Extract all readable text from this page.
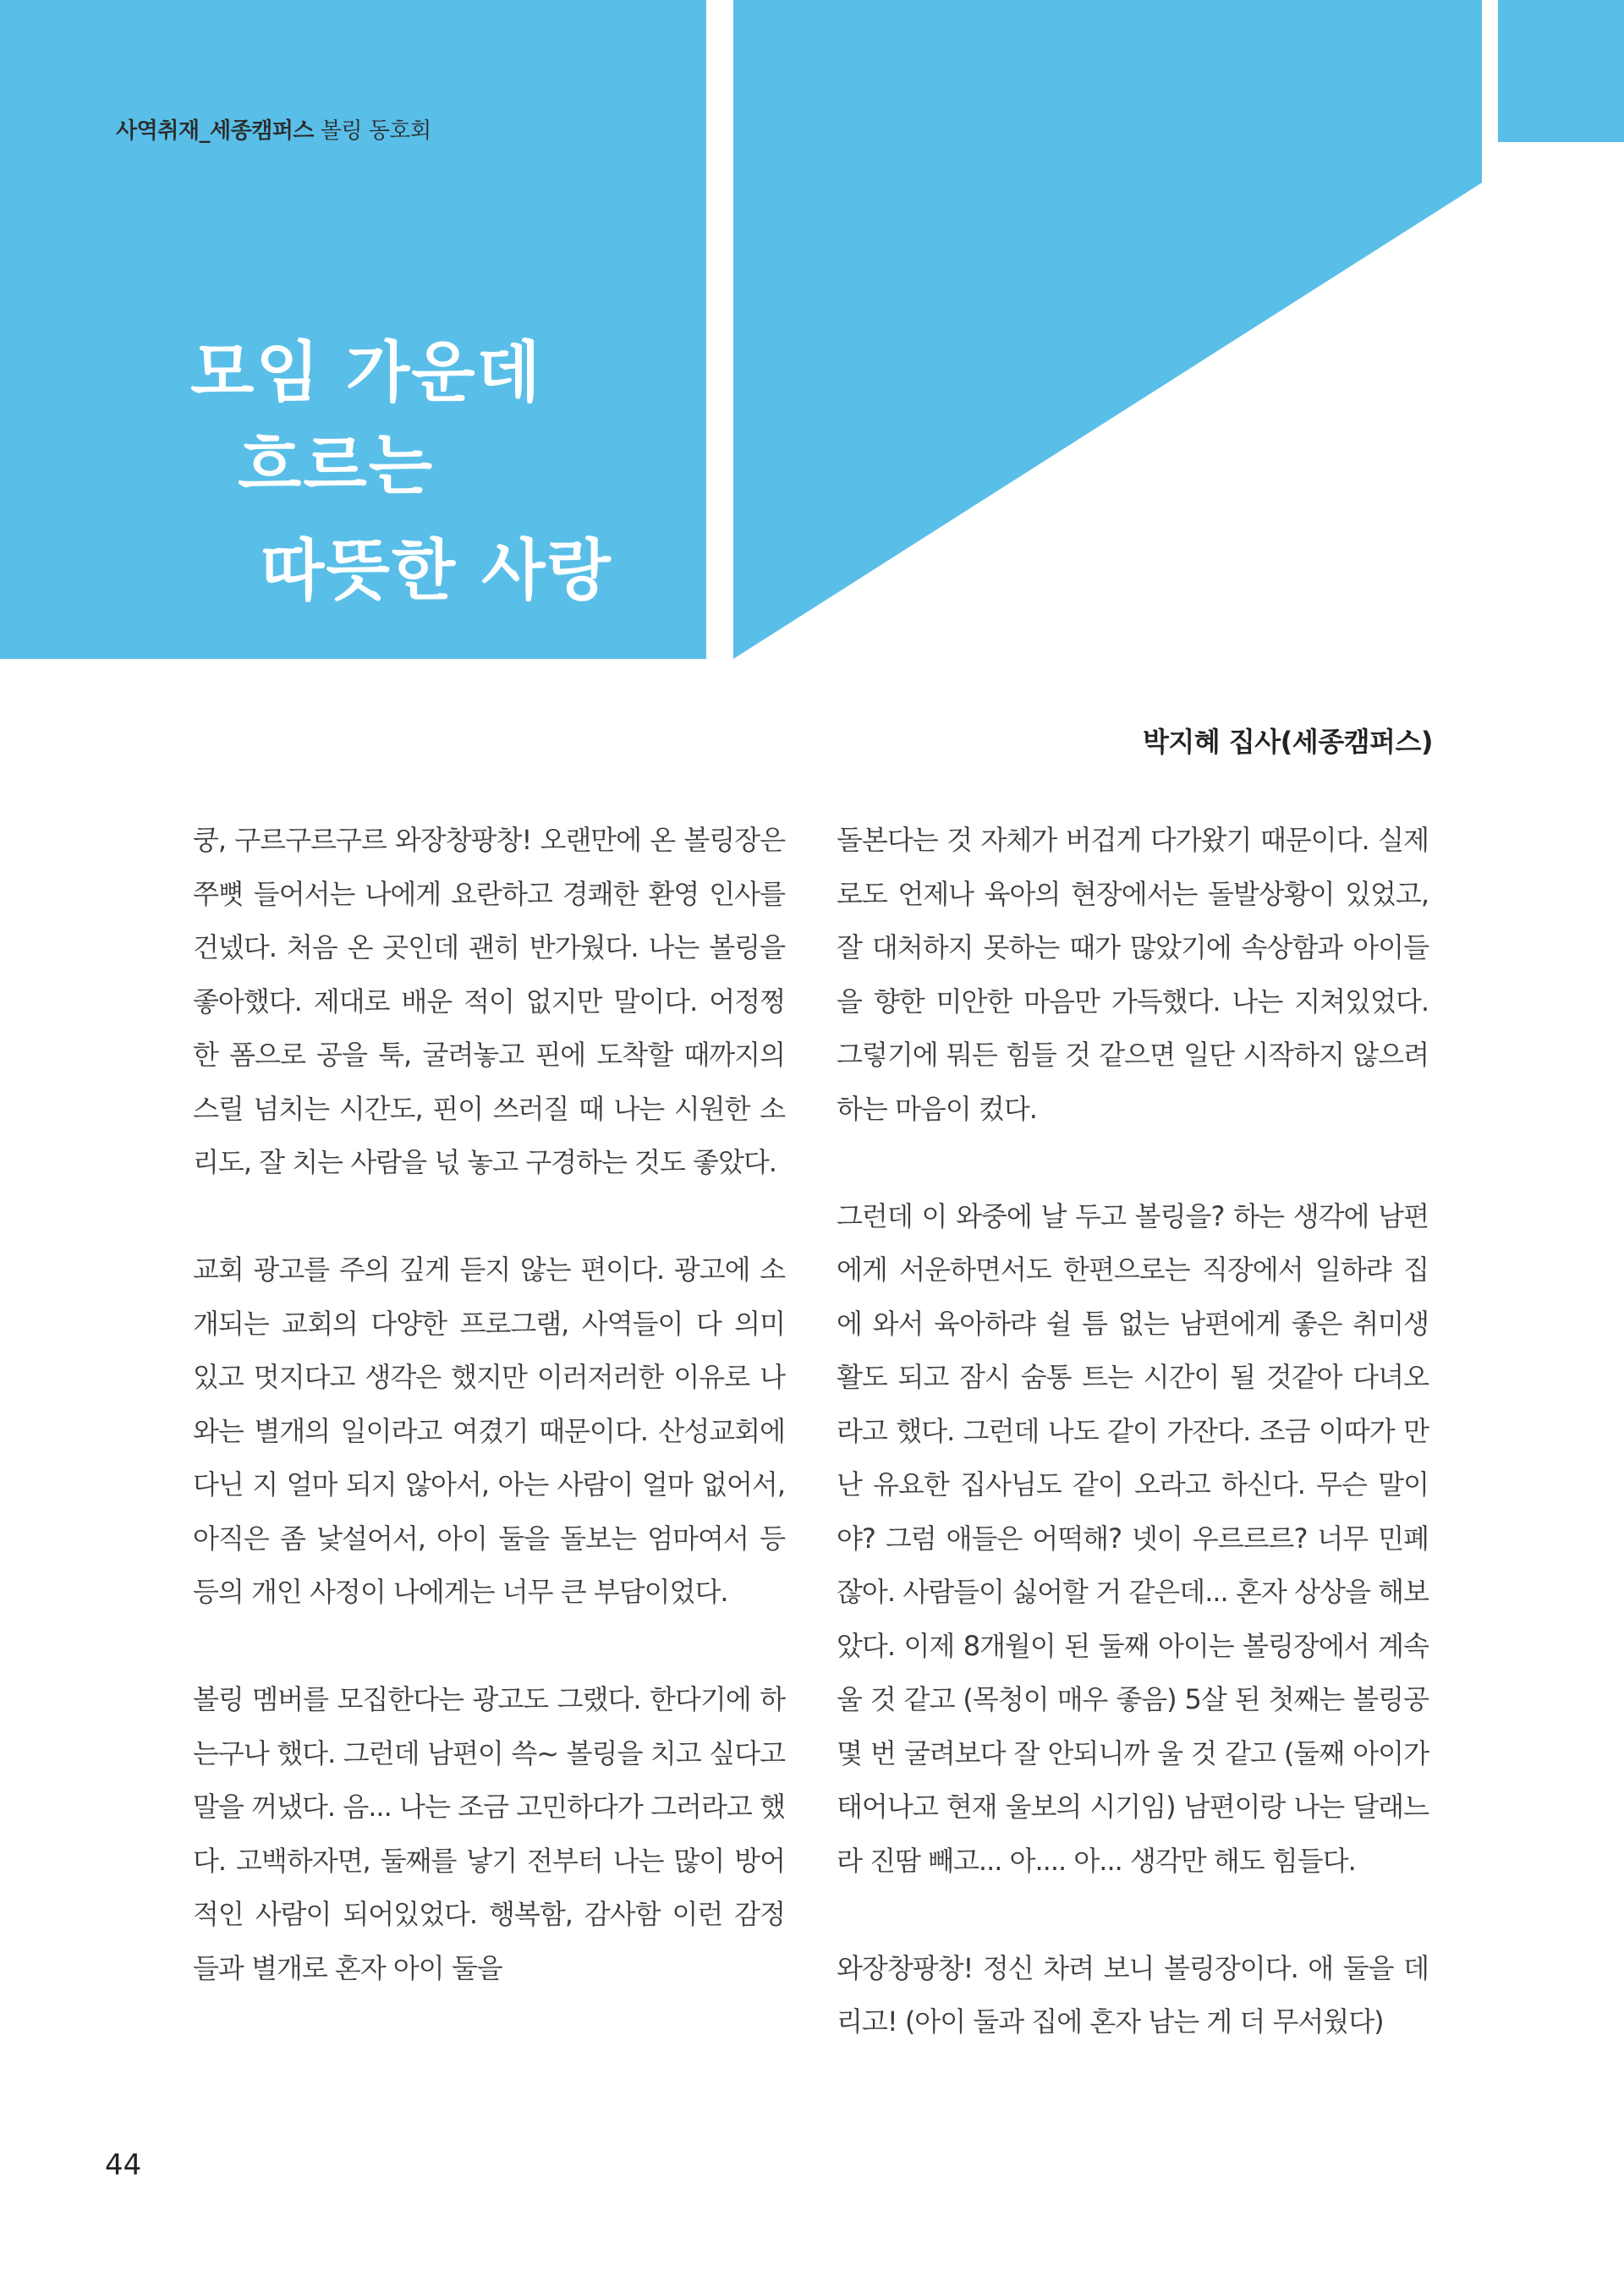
사역취재_세종캠퍼스 볼링 동호회
모임 가운데
흐르는
따뜻한 사랑
박지혜 집사(세종캠퍼스)

쿵, 구르구르구르 와장창팡창! 오랜만에 온 볼링장은 쭈뼛 들어서는 나에게 요란하고 경쾌한 환영 인사를 건넸다. 처음 온 곳인데 괜히 반가웠다. 나는 볼링을 좋아했다. 제대로 배운 적이 없지만 말이다. 어정쩡한 폼으로 공을 툭, 굴려놓고 핀에 도착할 때까지의 스릴 넘치는 시간도, 핀이 쓰러질 때 나는 시원한 소리도, 잘 치는 사람을 넋 놓고 구경하는 것도 좋았다.

교회 광고를 주의 깊게 듣지 않는 편이다. 광고에 소개되는 교회의 다양한 프로그램, 사역들이 다 의미 있고 멋지다고 생각은 했지만 이러저러한 이유로 나와는 별개의 일이라고 여겼기 때문이다. 산성교회에 다닌 지 얼마 되지 않아서, 아는 사람이 얼마 없어서, 아직은 좀 낯설어서, 아이 둘을 돌보는 엄마여서 등등의 개인 사정이 나에게는 너무 큰 부담이었다.

볼링 멤버를 모집한다는 광고도 그랬다. 한다기에 하는구나 했다. 그런데 남편이 쓱~ 볼링을 치고 싶다고 말을 꺼냈다. 음... 나는 조금 고민하다가 그러라고 했다. 고백하자면, 둘째를 낳기 전부터 나는 많이 방어적인 사람이 되어있었다. 행복함, 감사함 이런 감정들과 별개로 혼자 아이 둘을

돌본다는 것 자체가 버겁게 다가왔기 때문이다. 실제로도 언제나 육아의 현장에서는 돌발상황이 있었고, 잘 대처하지 못하는 때가 많았기에 속상함과 아이들을 향한 미안한 마음만 가득했다. 나는 지쳐있었다. 그렇기에 뭐든 힘들 것 같으면 일단 시작하지 않으려 하는 마음이 컸다.

그런데 이 와중에 날 두고 볼링을? 하는 생각에 남편에게 서운하면서도 한편으로는 직장에서 일하랴 집에 와서 육아하랴 쉴 틈 없는 남편에게 좋은 취미생활도 되고 잠시 숨통 트는 시간이 될 것같아 다녀오라고 했다. 그런데 나도 같이 가잔다. 조금 이따가 만난 유요한 집사님도 같이 오라고 하신다. 무슨 말이야? 그럼 애들은 어떡해? 넷이 우르르르? 너무 민폐잖아. 사람들이 싫어할 거 같은데... 혼자 상상을 해보았다. 이제 8개월이 된 둘째 아이는 볼링장에서 계속 울 것 같고 (목청이 매우 좋음) 5살 된 첫째는 볼링공 몇 번 굴려보다 잘 안되니까 울 것 같고 (둘째 아이가 태어나고 현재 울보의 시기임) 남편이랑 나는 달래느라 진땀 빼고... 아.... 아... 생각만 해도 힘들다.

와장창팡창! 정신 차려 보니 볼링장이다. 애 둘을 데리고! (아이 둘과 집에 혼자 남는 게 더 무서웠다)

44
